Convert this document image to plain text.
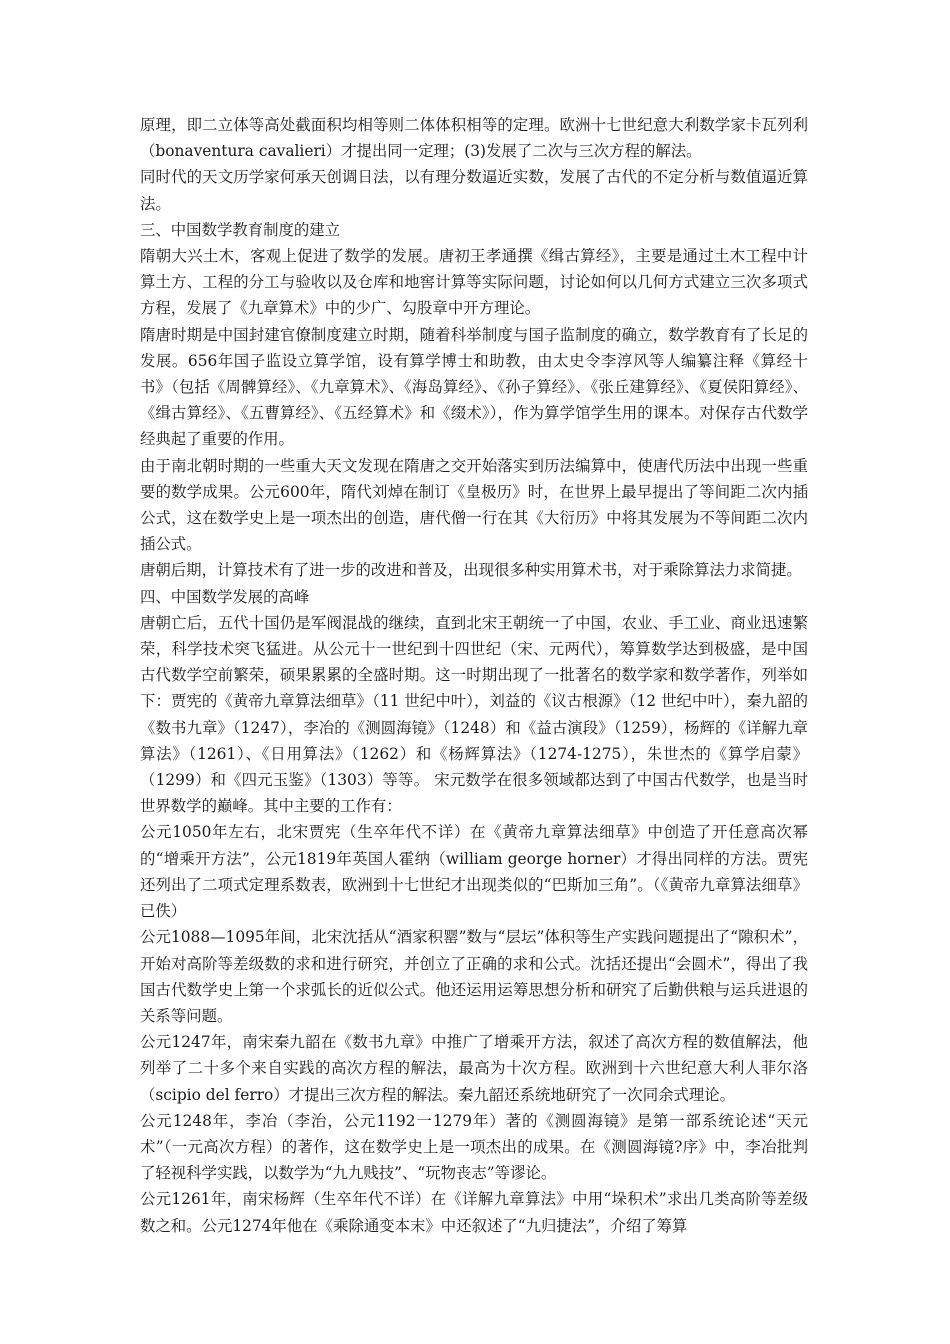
原理，即二立体等高处截面积均相等则二体体积相等的定理。欧洲十七世纪意大利数学家卡瓦列利（bonaventura cavalieri）才提出同一定理；(3)发展了二次与三次方程的解法。

同时代的天文历学家何承天创调日法，以有理分数逼近实数，发展了古代的不定分析与数值逼近算法。

三、中国数学教育制度的建立

隋朝大兴土木，客观上促进了数学的发展。唐初王孝通撰《缉古算经》，主要是通过土木工程中计算土方、工程的分工与验收以及仓库和地窖计算等实际问题，讨论如何以几何方式建立三次多项式方程，发展了《九章算术》中的少广、勾股章中开方理论。

隋唐时期是中国封建官僚制度建立时期，随着科举制度与国子监制度的确立，数学教育有了长足的发展。656年国子监设立算学馆，设有算学博士和助教，由太史令李淳风等人编纂注释《算经十书》（包括《周髀算经》、《九章算术》、《海岛算经》、《孙子算经》、《张丘建算经》、《夏侯阳算经》、《缉古算经》、《五曹算经》、《五经算术》和《缀术》），作为算学馆学生用的课本。对保存古代数学经典起了重要的作用。

由于南北朝时期的一些重大天文发现在隋唐之交开始落实到历法编算中，使唐代历法中出现一些重要的数学成果。公元600年，隋代刘焯在制订《皇极历》时，在世界上最早提出了等间距二次内插公式，这在数学史上是一项杰出的创造，唐代僧一行在其《大衍历》中将其发展为不等间距二次内插公式。

唐朝后期，计算技术有了进一步的改进和普及，出现很多种实用算术书，对于乘除算法力求简捷。

四、中国数学发展的高峰

唐朝亡后，五代十国仍是军阀混战的继续，直到北宋王朝统一了中国，农业、手工业、商业迅速繁荣，科学技术突飞猛进。从公元十一世纪到十四世纪（宋、元两代），筹算数学达到极盛，是中国古代数学空前繁荣，硕果累累的全盛时期。这一时期出现了一批著名的数学家和数学著作，列举如下：贾宪的《黄帝九章算法细草》（11 世纪中叶），刘益的《议古根源》（12 世纪中叶），秦九韶的《数书九章》（1247），李冶的《测圆海镜》（1248）和《益古演段》（1259），杨辉的《详解九章算法》（1261）、《日用算法》（1262）和《杨辉算法》（1274-1275），朱世杰的《算学启蒙》（1299）和《四元玉鉴》（1303）等等。 宋元数学在很多领域都达到了中国古代数学，也是当时世界数学的巅峰。其中主要的工作有：

公元1050年左右，北宋贾宪（生卒年代不详）在《黄帝九章算法细草》中创造了开任意高次幂的“增乘开方法”，公元1819年英国人霍纳（william george horner）才得出同样的方法。贾宪还列出了二项式定理系数表，欧洲到十七世纪才出现类似的“巴斯加三角”。（《黄帝九章算法细草》已佚）

公元1088—1095年间，北宋沈括从“酒家积罂”数与“层坛”体积等生产实践问题提出了“隙积术”，开始对高阶等差级数的求和进行研究，并创立了正确的求和公式。沈括还提出“会圆术”，得出了我国古代数学史上第一个求弧长的近似公式。他还运用运筹思想分析和研究了后勤供粮与运兵进退的关系等问题。

公元1247年，南宋秦九韶在《数书九章》中推广了增乘开方法，叙述了高次方程的数值解法，他列举了二十多个来自实践的高次方程的解法，最高为十次方程。欧洲到十六世纪意大利人菲尔洛（scipio del ferro）才提出三次方程的解法。秦九韶还系统地研究了一次同余式理论。

公元1248年，李冶（李治，公元1192一1279年）著的《测圆海镜》是第一部系统论述“天元术”（一元高次方程）的著作，这在数学史上是一项杰出的成果。在《测圆海镜?序》中，李冶批判了轻视科学实践，以数学为“九九贱技”、“玩物丧志”等谬论。

公元1261年，南宋杨辉（生卒年代不详）在《详解九章算法》中用“垛积术”求出几类高阶等差级数之和。公元1274年他在《乘除通变本末》中还叙述了“九归捷法”，介绍了筹算
